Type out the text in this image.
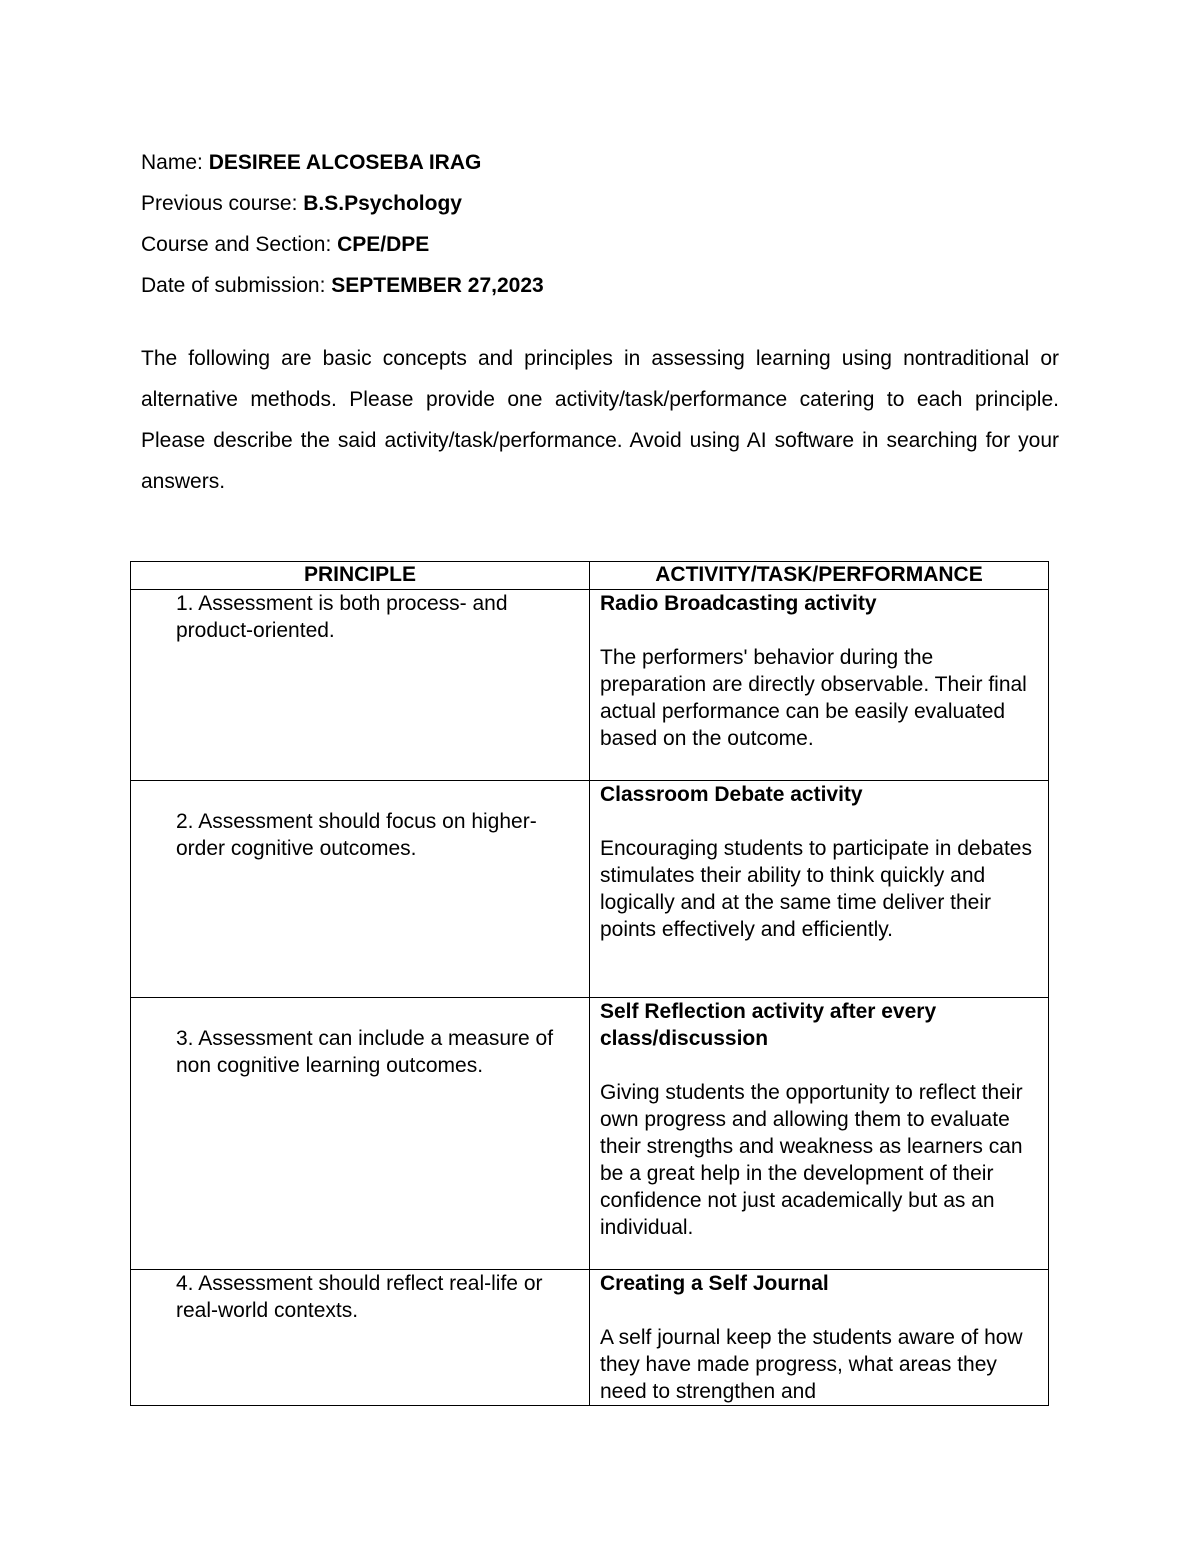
Name: DESIREE ALCOSEBA IRAG
Previous course: B.S.Psychology
Course and Section: CPE/DPE
Date of submission: SEPTEMBER 27,2023
The following are basic concepts and principles in assessing learning using nontraditional or alternative methods. Please provide one activity/task/performance catering to each principle. Please describe the said activity/task/performance. Avoid using AI software in searching for your answers.
PRINCIPLE	ACTIVITY/TASK/PERFORMANCE

1. Assessment is both process- and product-oriented.	Radio Broadcasting activity
The performers' behavior during the preparation are directly observable. Their final actual performance can be easily evaluated based on the outcome.

2. Assessment should focus on higher-order cognitive outcomes.	Classroom Debate activity
Encouraging students to participate in debates stimulates their ability to think quickly and logically and at the same time deliver their points effectively and efficiently.

3. Assessment can include a measure of non cognitive learning outcomes.	Self Reflection activity after every class/discussion
Giving students the opportunity to reflect their own progress and allowing them to evaluate their strengths and weakness as learners can be a great help in the development of their confidence not just academically but as an individual.

4. Assessment should reflect real-life or real-world contexts.	Creating a Self Journal
A self journal keep the students aware of how they have made progress, what areas they need to strengthen and
